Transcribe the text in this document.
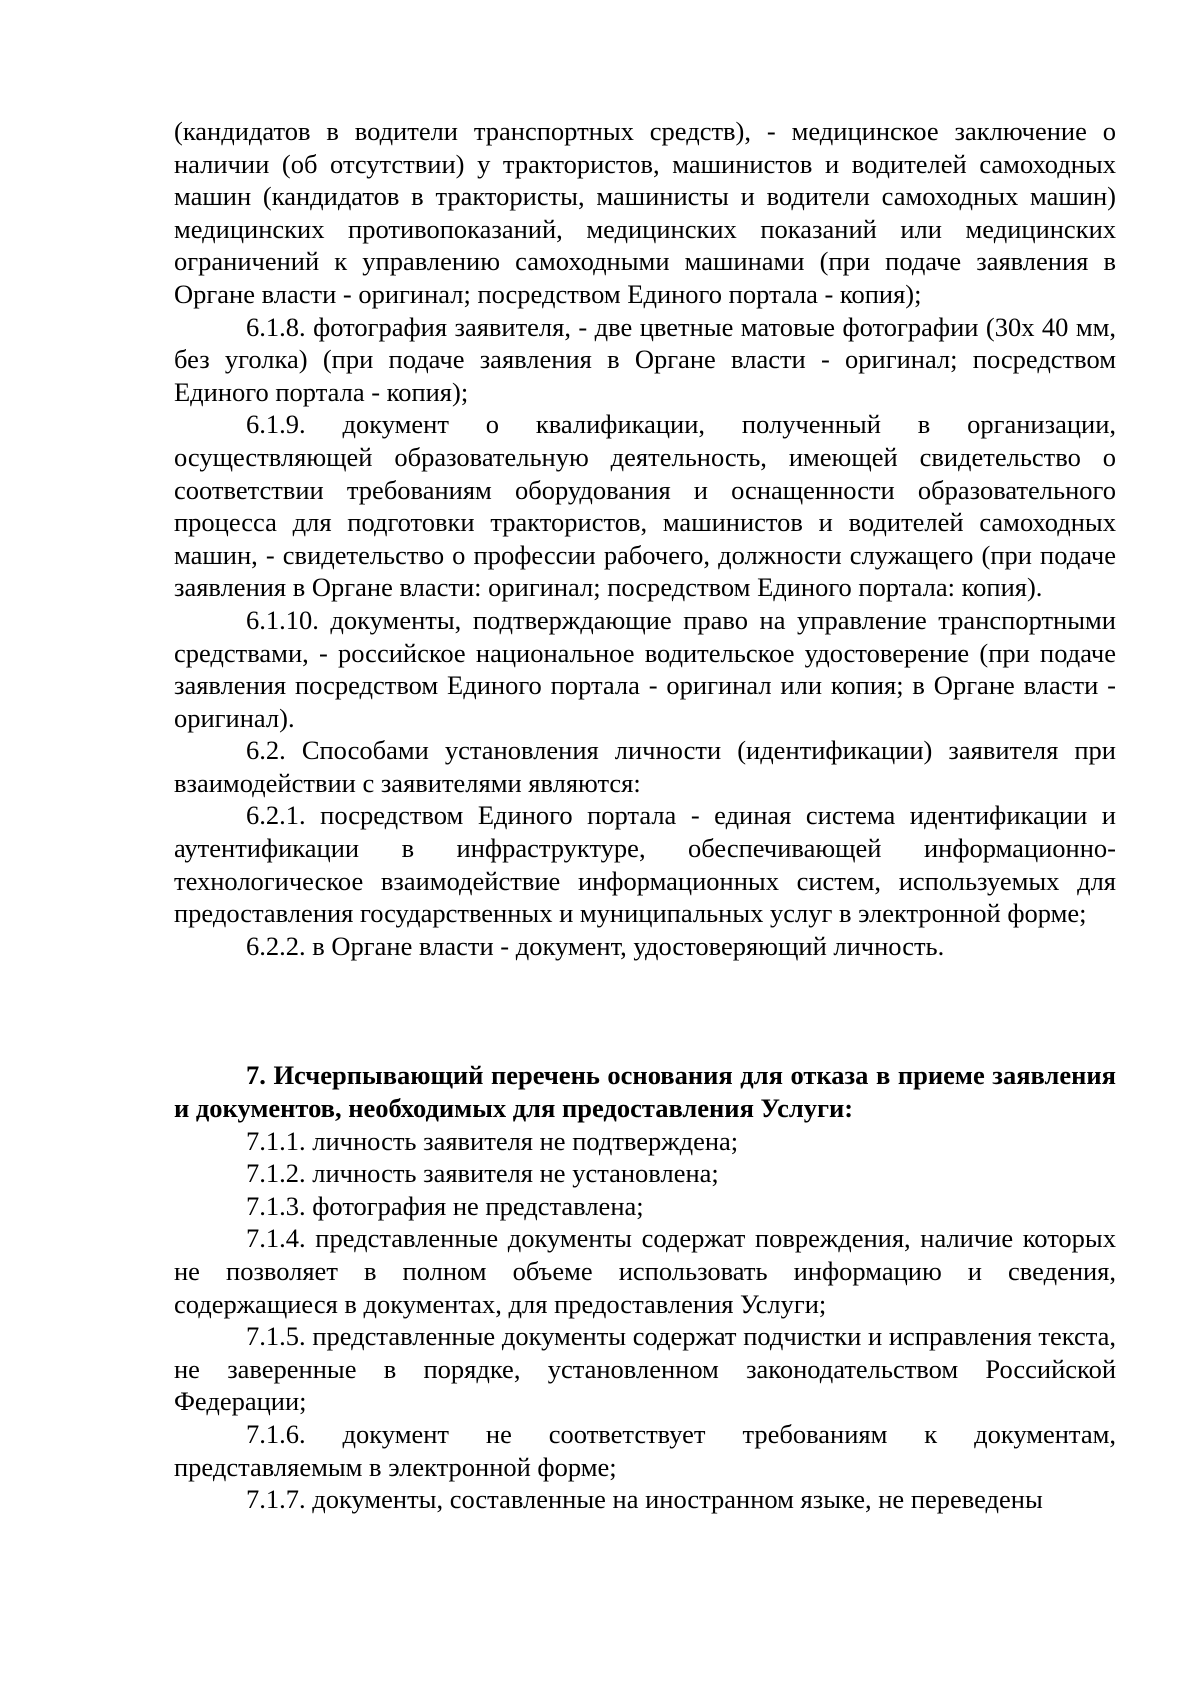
(кандидатов в водители транспортных средств), - медицинское заключение о наличии (об отсутствии) у трактористов, машинистов и водителей самоходных машин (кандидатов в трактористы, машинисты и водители самоходных машин) медицинских противопоказаний, медицинских показаний или медицинских ограничений к управлению самоходными машинами (при подаче заявления в Органе власти - оригинал; посредством Единого портала - копия);

6.1.8. фотография заявителя, - две цветные матовые фотографии (30х 40 мм, без уголка) (при подаче заявления в Органе власти - оригинал; посредством Единого портала - копия);

6.1.9. документ о квалификации, полученный в организации, осуществляющей образовательную деятельность, имеющей свидетельство о соответствии требованиям оборудования и оснащенности образовательного процесса для подготовки трактористов, машинистов и водителей самоходных машин, - свидетельство о профессии рабочего, должности служащего (при подаче заявления в Органе власти: оригинал; посредством Единого портала: копия).

6.1.10. документы, подтверждающие право на управление транспортными средствами, - российское национальное водительское удостоверение (при подаче заявления посредством Единого портала - оригинал или копия; в Органе власти - оригинал).

6.2. Способами установления личности (идентификации) заявителя при взаимодействии с заявителями являются:

6.2.1. посредством Единого портала - единая система идентификации и аутентификации в инфраструктуре, обеспечивающей информационно-технологическое взаимодействие информационных систем, используемых для предоставления государственных и муниципальных услуг в электронной форме;

6.2.2. в Органе власти - документ, удостоверяющий личность.

7. Исчерпывающий перечень основания для отказа в приеме заявления и документов, необходимых для предоставления Услуги:

7.1.1. личность заявителя не подтверждена;

7.1.2. личность заявителя не установлена;

7.1.3. фотография не представлена;

7.1.4. представленные документы содержат повреждения, наличие которых не позволяет в полном объеме использовать информацию и сведения, содержащиеся в документах, для предоставления Услуги;

7.1.5. представленные документы содержат подчистки и исправления текста, не заверенные в порядке, установленном законодательством Российской Федерации;

7.1.6. документ не соответствует требованиям к документам, представляемым в электронной форме;

7.1.7. документы, составленные на иностранном языке, не переведены
